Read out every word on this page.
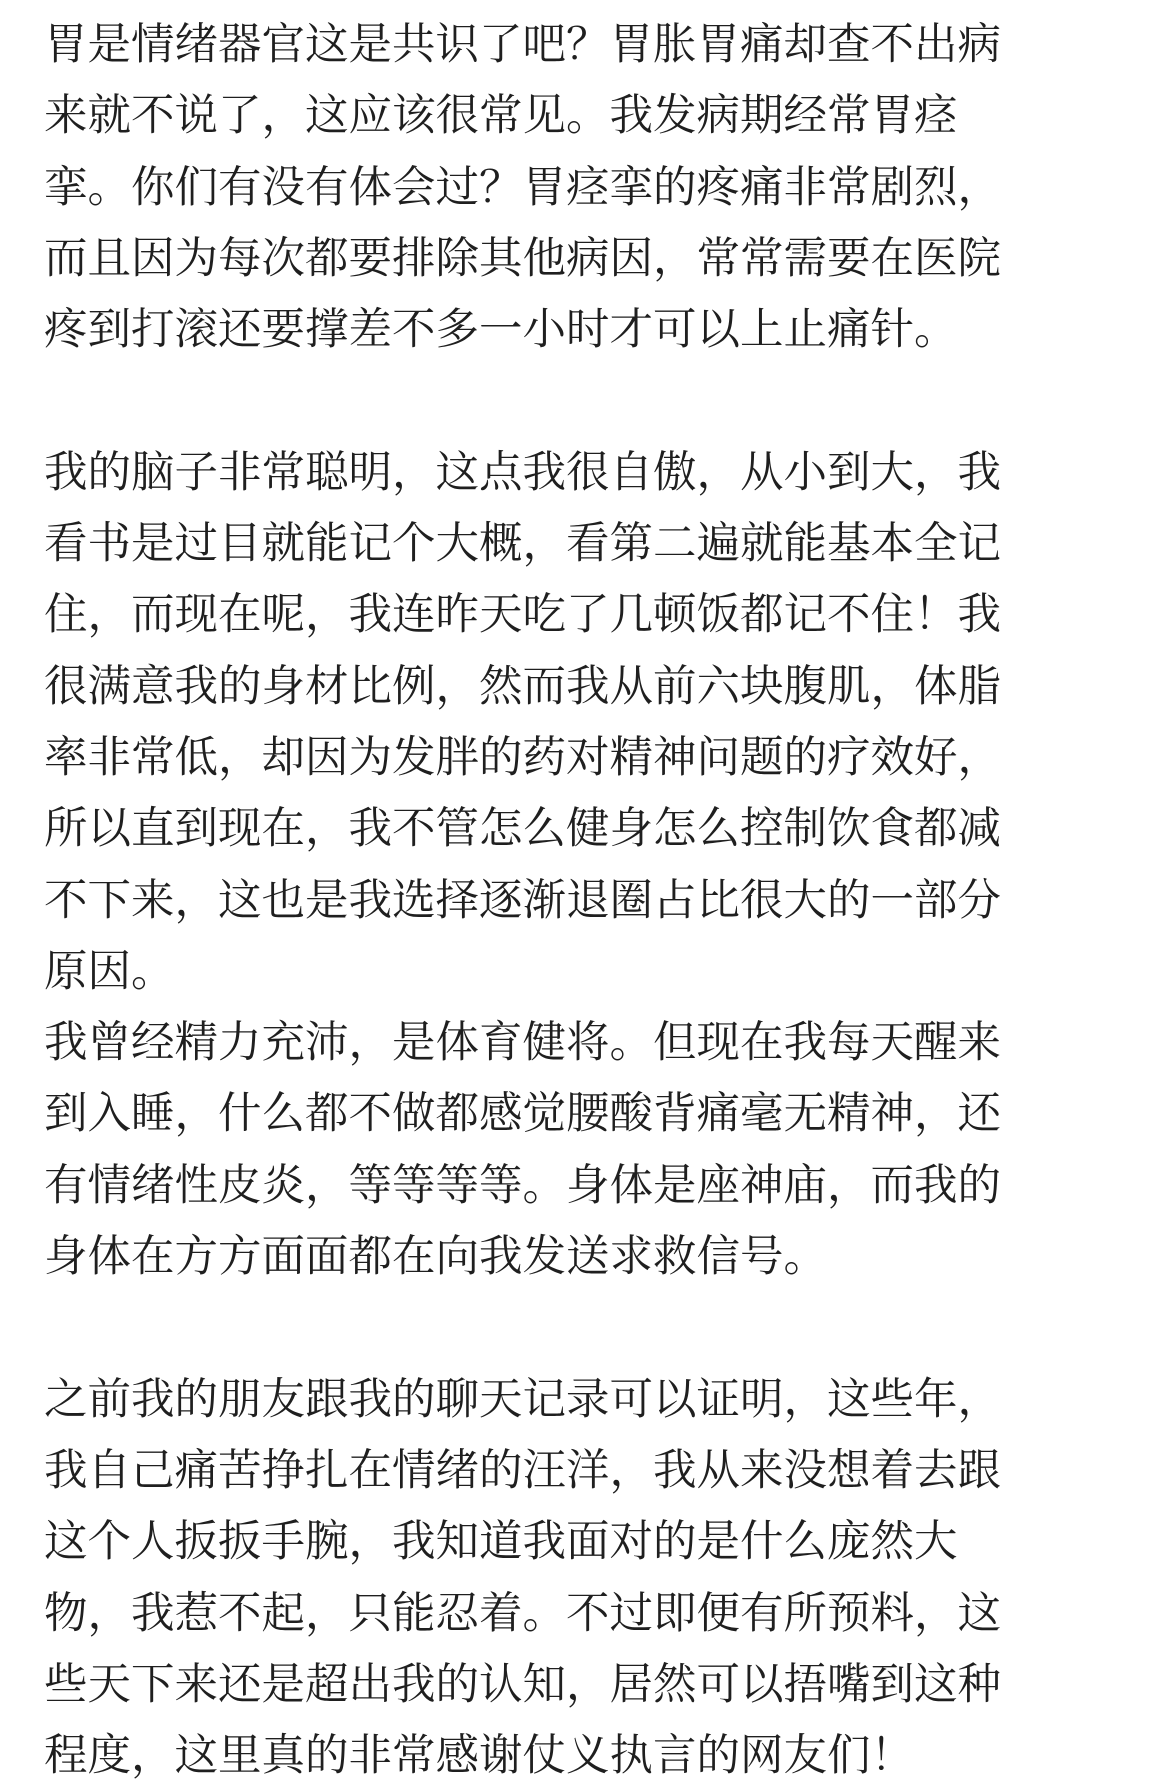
胃是情绪器官这是共识了吧？胃胀胃痛却查不出病
来就不说了，这应该很常见。我发病期经常胃痉
挛。你们有没有体会过？胃痉挛的疼痛非常剧烈，
而且因为每次都要排除其他病因，常常需要在医院
疼到打滚还要撑差不多一小时才可以上止痛针。

我的脑子非常聪明，这点我很自傲，从小到大，我
看书是过目就能记个大概，看第二遍就能基本全记
住，而现在呢，我连昨天吃了几顿饭都记不住！我
很满意我的身材比例，然而我从前六块腹肌，体脂
率非常低，却因为发胖的药对精神问题的疗效好，
所以直到现在，我不管怎么健身怎么控制饮食都减
不下来，这也是我选择逐渐退圈占比很大的一部分
原因。

我曾经精力充沛，是体育健将。但现在我每天醒来
到入睡，什么都不做都感觉腰酸背痛毫无精神，还
有情绪性皮炎，等等等等。身体是座神庙，而我的
身体在方方面面都在向我发送求救信号。

之前我的朋友跟我的聊天记录可以证明，这些年，
我自己痛苦挣扎在情绪的汪洋，我从来没想着去跟
这个人扳扳手腕，我知道我面对的是什么庞然大
物，我惹不起，只能忍着。不过即便有所预料，这
些天下来还是超出我的认知，居然可以捂嘴到这种
程度，这里真的非常感谢仗义执言的网友们！
